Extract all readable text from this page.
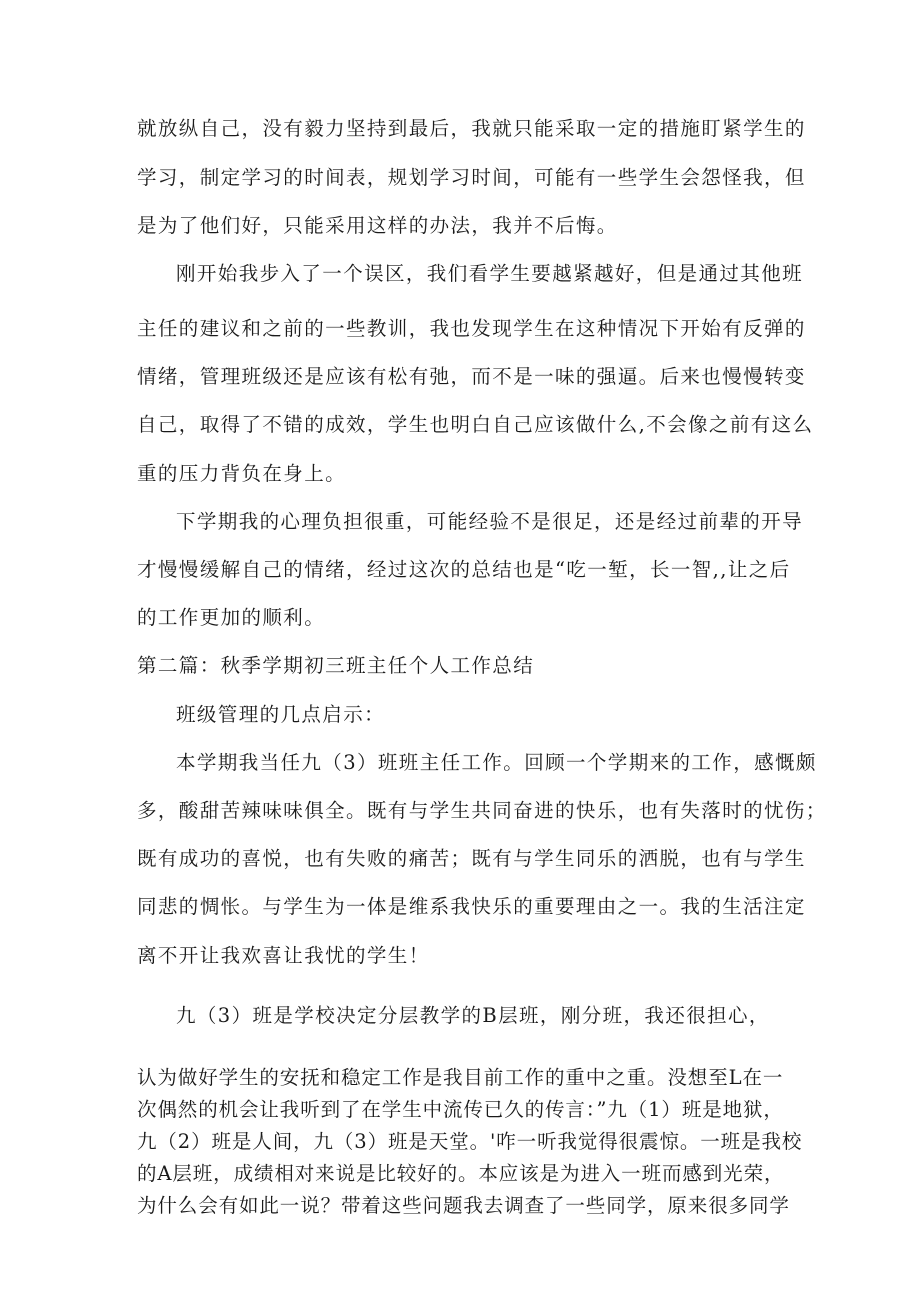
就放纵自己，没有毅力坚持到最后，我就只能采取一定的措施盯紧学生的
学习，制定学习的时间表，规划学习时间，可能有一些学生会怨怪我，但
是为了他们好，只能采用这样的办法，我并不后悔。
刚开始我步入了一个误区，我们看学生要越紧越好，但是通过其他班
主任的建议和之前的一些教训，我也发现学生在这种情况下开始有反弹的
情绪，管理班级还是应该有松有弛，而不是一味的强逼。后来也慢慢转变
自己，取得了不错的成效，学生也明白自己应该做什么,不会像之前有这么
重的压力背负在身上。
下学期我的心理负担很重，可能经验不是很足，还是经过前辈的开导
才慢慢缓解自己的情绪，经过这次的总结也是“吃一堑，长一智,,让之后
的工作更加的顺利。
第二篇：秋季学期初三班主任个人工作总结
班级管理的几点启示：
本学期我当任九（3）班班主任工作。回顾一个学期来的工作，感慨颇
多，酸甜苦辣味味俱全。既有与学生共同奋进的快乐，也有失落时的忧伤；
既有成功的喜悦，也有失败的痛苦；既有与学生同乐的洒脱，也有与学生
同悲的惆怅。与学生为一体是维系我快乐的重要理由之一。我的生活注定
离不开让我欢喜让我忧的学生！
九（3）班是学校决定分层教学的B层班，刚分班，我还很担心，
认为做好学生的安抚和稳定工作是我目前工作的重中之重。没想至L在一
次偶然的机会让我听到了在学生中流传已久的传言：”九（1）班是地狱，
九（2）班是人间，九（3）班是天堂。'咋一听我觉得很震惊。一班是我校
的A层班，成绩相对来说是比较好的。本应该是为进入一班而感到光荣，
为什么会有如此一说？带着这些问题我去调查了一些同学，原来很多同学
